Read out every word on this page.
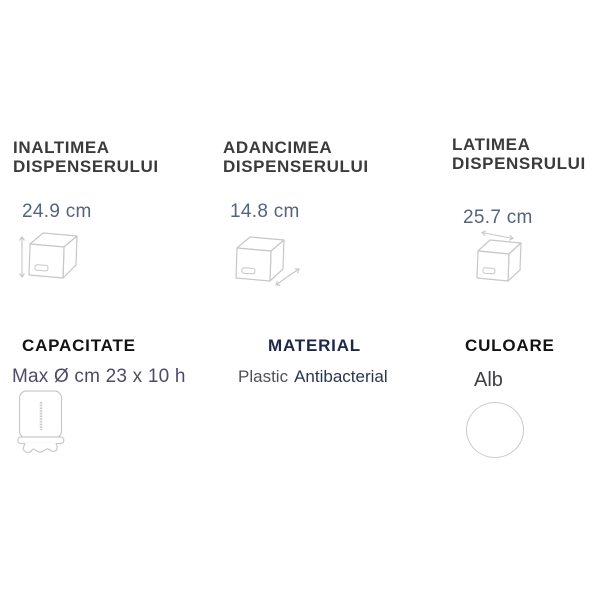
INALTIMEA DISPENSERULUI
24.9 cm
ADANCIMEA DISPENSERULUI
14.8 cm
LATIMEA DISPENSRULUI
25.7 cm
CAPACITATE
Max Ø cm 23 x 10 h
MATERIAL
Plastic Antibacterial
CULOARE
Alb
